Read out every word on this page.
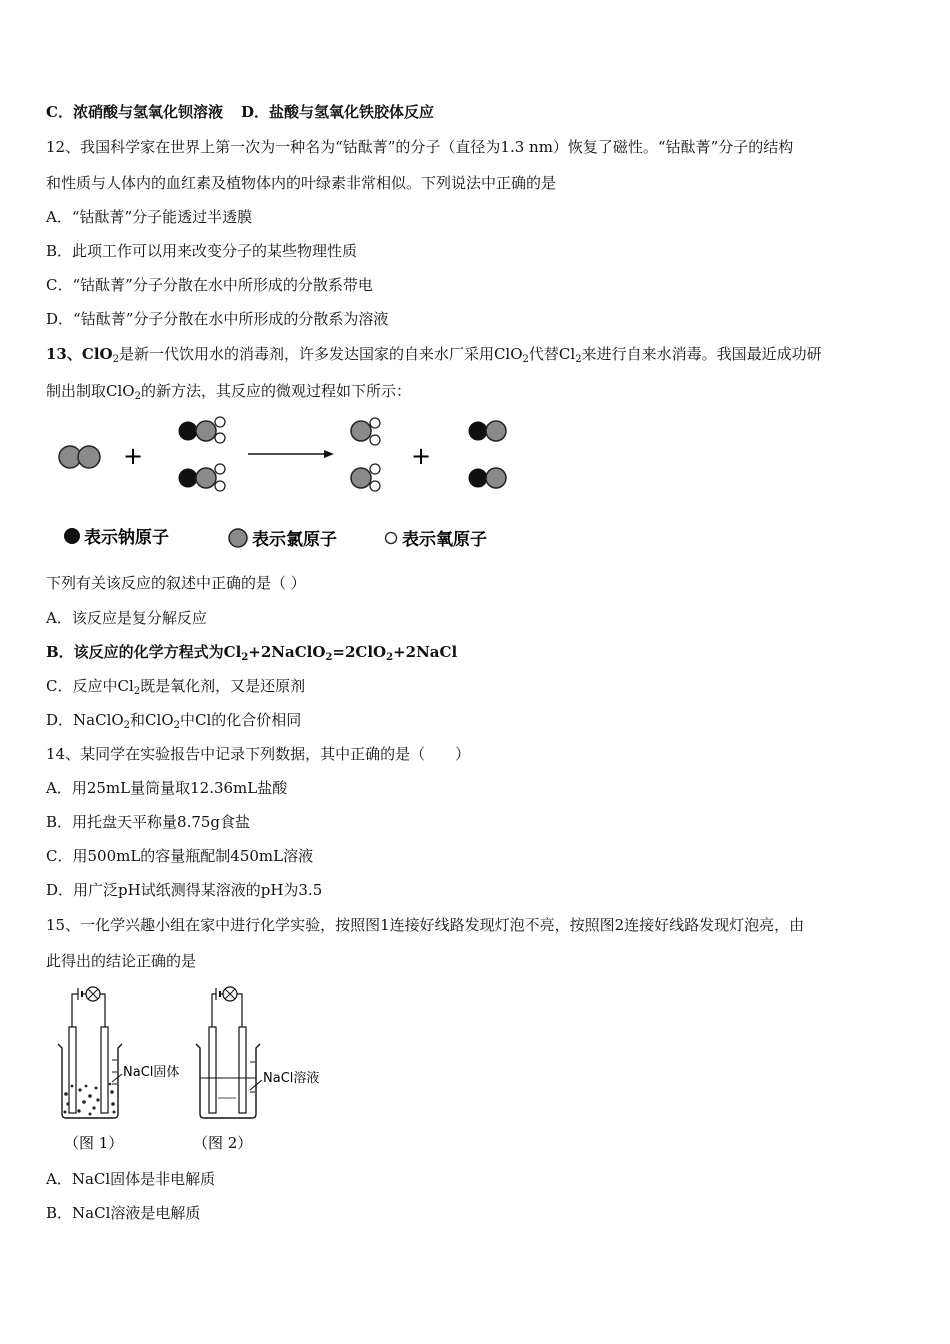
C．浓硝酸与氢氧化钡溶液 D．盐酸与氢氧化铁胶体反应
12、我国科学家在世界上第一次为一种名为“钴酞菁”的分子（直径为1.3 nm）恢复了磁性。“钴酞菁”分子的结构
和性质与人体内的血红素及植物体内的叶绿素非常相似。下列说法中正确的是
A．“钴酞菁”分子能透过半透膜
B．此项工作可以用来改变分子的某些物理性质
C．“钴酞菁”分子分散在水中所形成的分散系带电
D．“钴酞菁”分子分散在水中所形成的分散系为溶液
13、ClO$_2$是新一代饮用水的消毒剂，许多发达国家的自来水厂采用ClO$_2$代替$Cl_2$来进行自来水消毒。我国最近成功研
制出制取ClO$_2$的新方法，其反应的微观过程如下所示：
+	+
表示钠原子	表示氯原子	表示氧原子
下列有关该反应的叙述中正确的是（ ）
A．该反应是复分解反应
B．该反应的化学方程式为$Cl_2+2NaClO_2=2ClO_2+2NaCl$
C．反应中$Cl_2$既是氧化剂，又是还原剂
D．NaClO$_2$和ClO$_2$中Cl的化合价相同
14、某同学在实验报告中记录下列数据，其中正确的是（　　）
A．用25mL量筒量取12.36mL盐酸
B．用托盘天平称量8.75g食盐
C．用500mL的容量瓶配制450mL溶液
D．用广泛pH试纸测得某溶液的pH为3.5
15、一化学兴趣小组在家中进行化学实验，按照图1连接好线路发现灯泡不亮，按照图2连接好线路发现灯泡亮，由
此得出的结论正确的是
NaCl固体
（图 1）
NaCl溶液
（图 2）
A．NaCl固体是非电解质
B．NaCl溶液是电解质
